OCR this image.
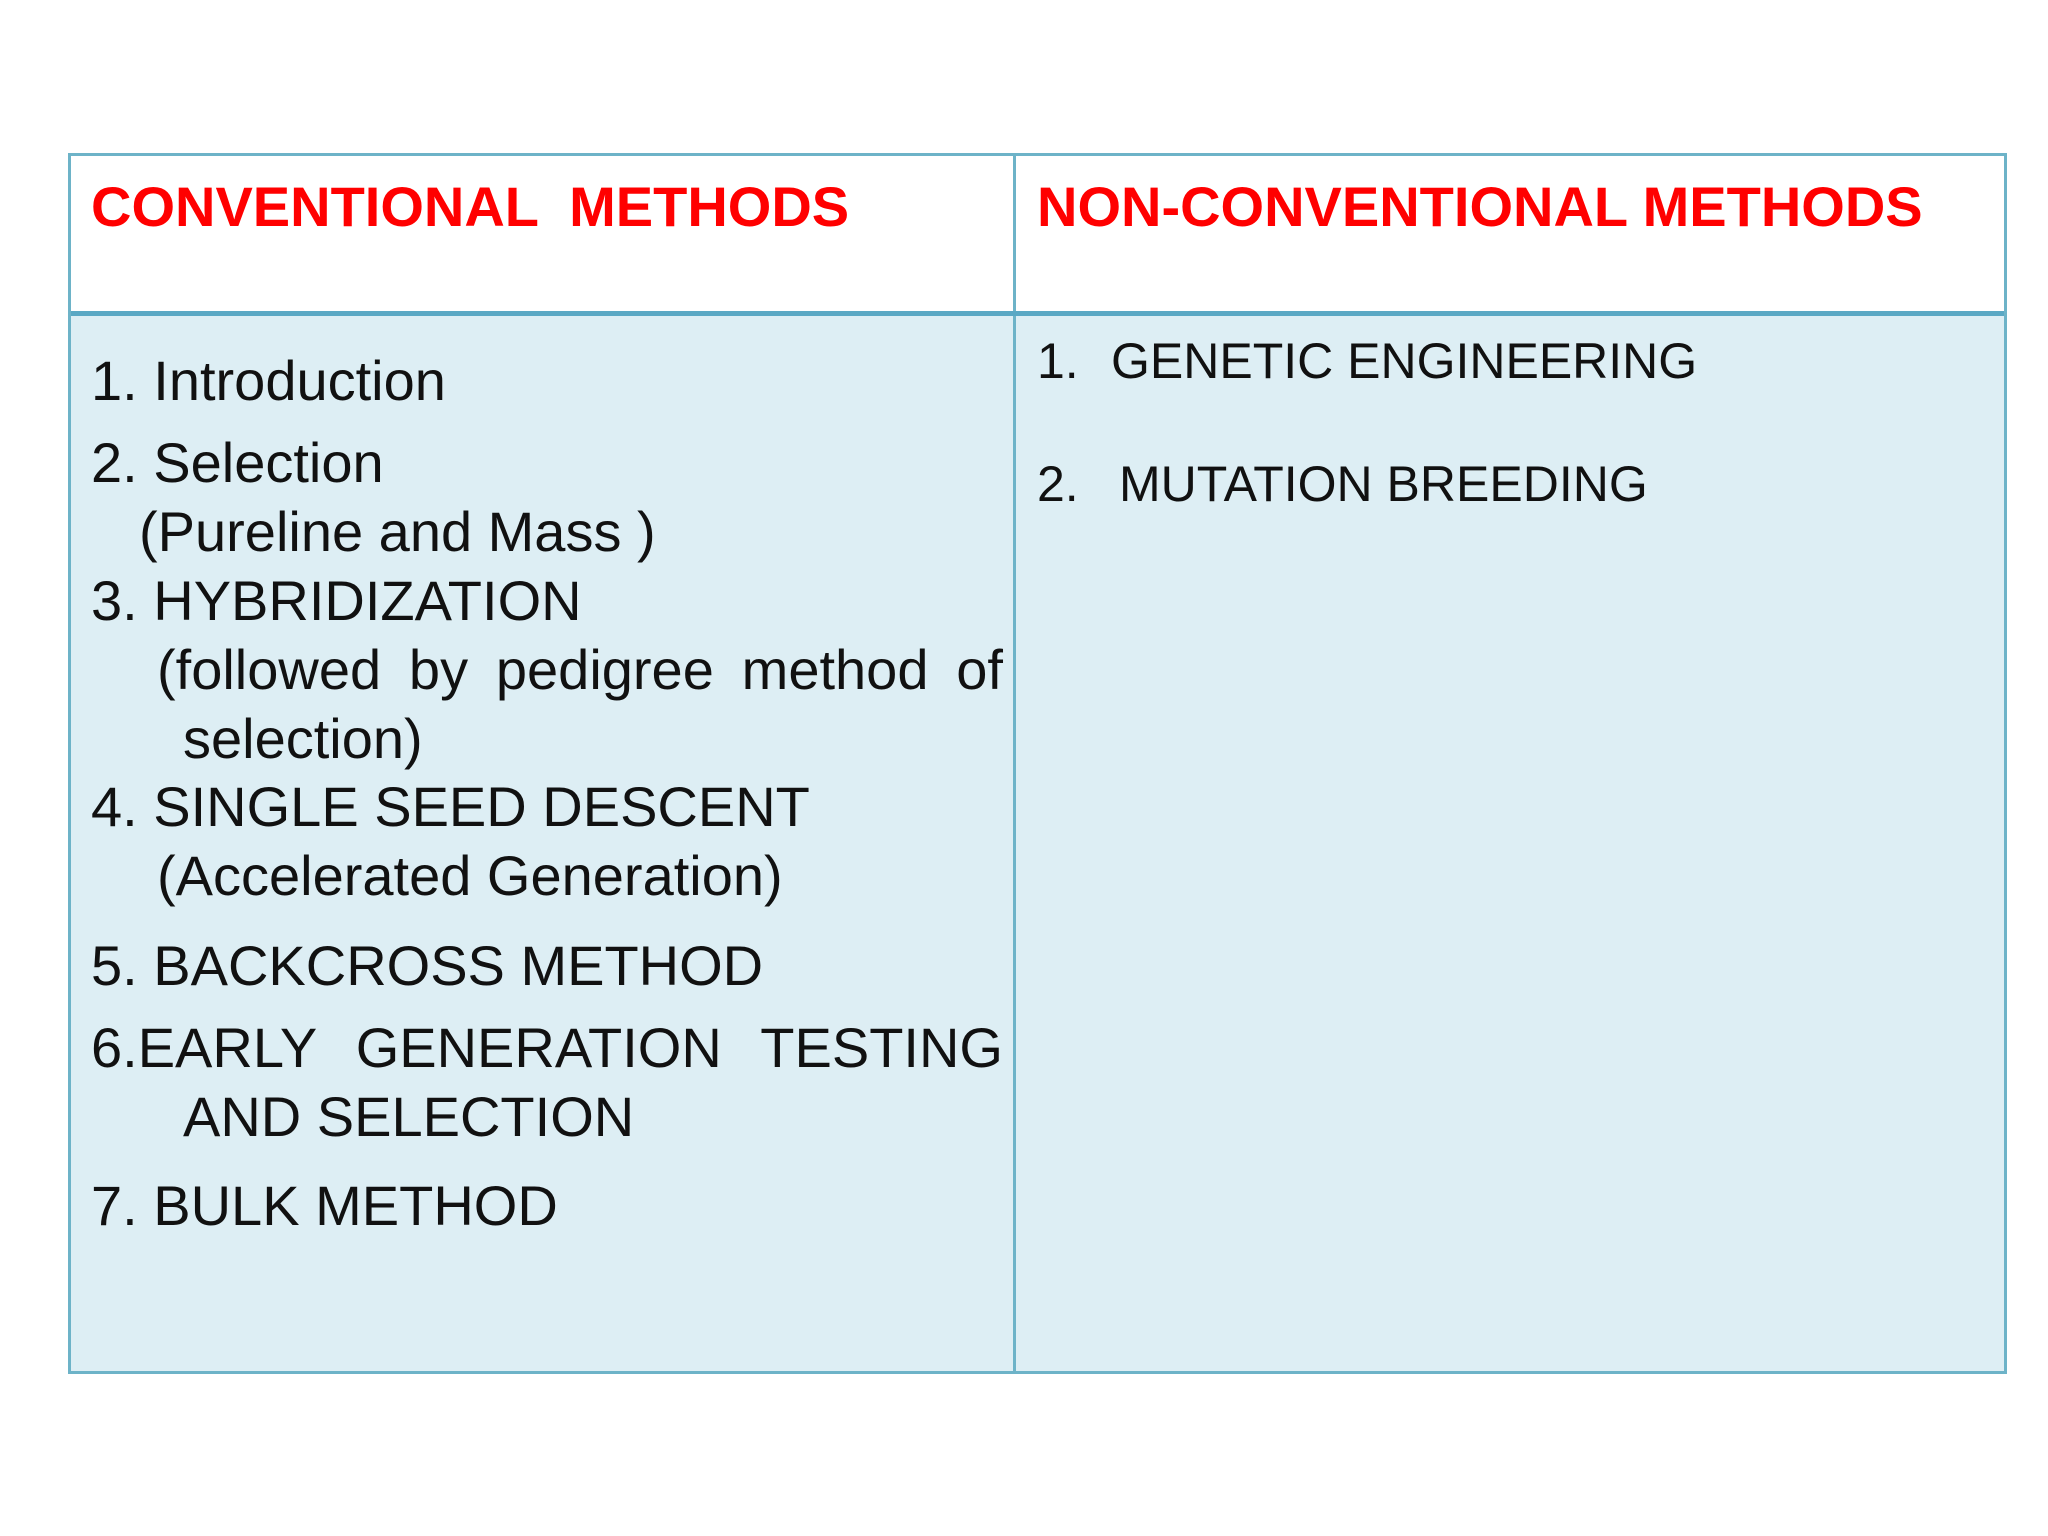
CONVENTIONAL  METHODS	NON-CONVENTIONAL METHODS
1. Introduction
2. Selection
(Pureline and Mass )
3. HYBRIDIZATION
(followed by pedigree method of
selection)
4. SINGLE SEED DESCENT
(Accelerated Generation)
5. BACKCROSS METHOD
6.EARLY GENERATION TESTING
AND SELECTION
7. BULK METHOD
1. GENETIC ENGINEERING
2. MUTATION BREEDING
